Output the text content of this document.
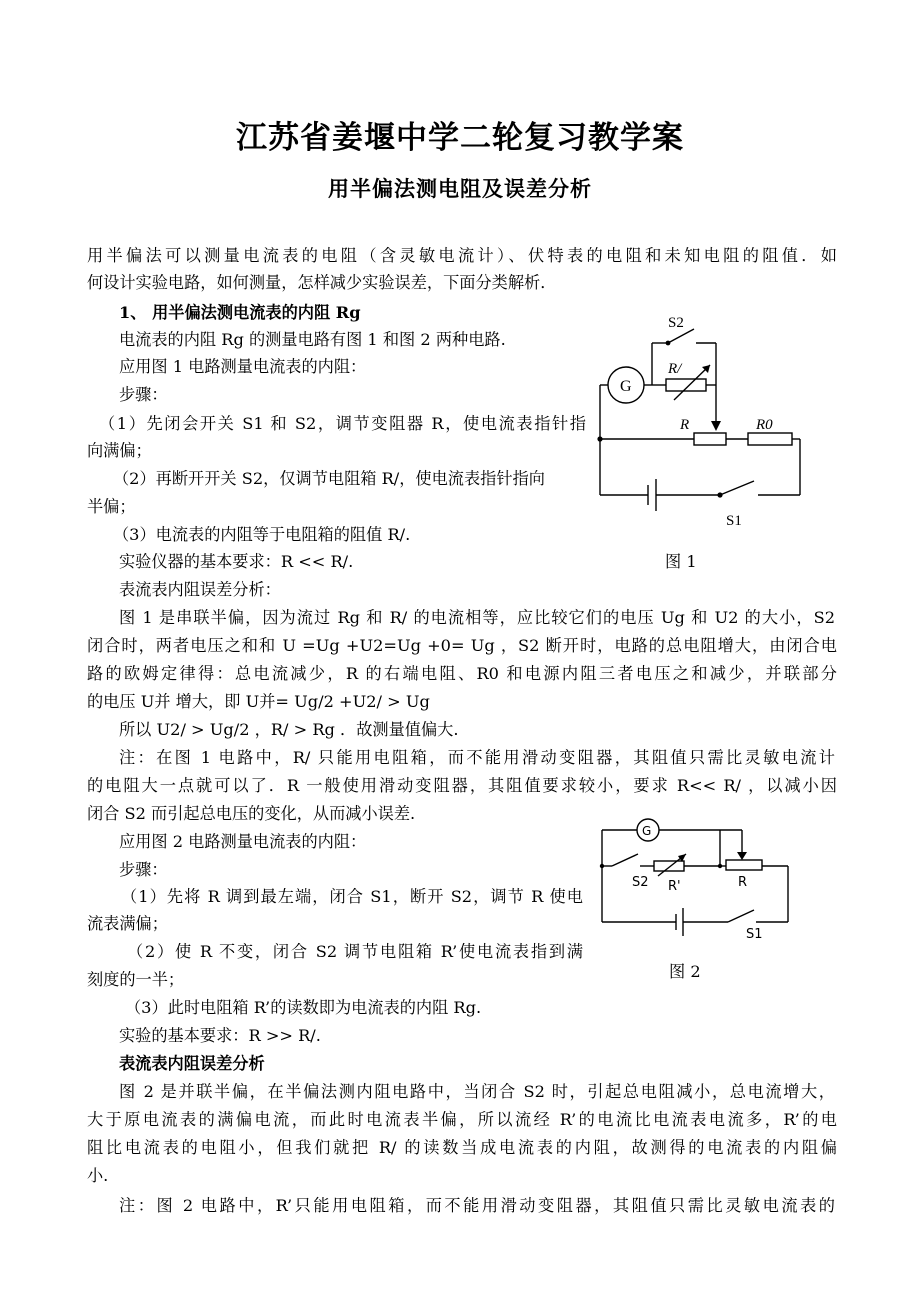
江苏省姜堰中学二轮复习教学案
用半偏法测电阻及误差分析
用半偏法可以测量电流表的电阻（含灵敏电流计）、伏特表的电阻和未知电阻的阻值．如
何设计实验电路，如何测量，怎样减少实验误差，下面分类解析．
1、 用半偏法测电流表的内阻 Rg
电流表的内阻 Rg 的测量电路有图 1 和图 2 两种电路.
应用图 1 电路测量电流表的内阻：
步骤：
（1）先闭会开关 S1 和 S2，调节变阻器 R，使电流表指针指
向满偏；
（2）再断开开关 S2，仅调节电阻箱 R/，使电流表指针指向
半偏；
（3）电流表的内阻等于电阻箱的阻值 R/.
实验仪器的基本要求：R << R/.
表流表内阻误差分析：
图 1 是串联半偏，因为流过 Rg 和 R/ 的电流相等，应比较它们的电压 Ug 和 U2 的大小，S2
闭合时，两者电压之和和 U =Ug +U2=Ug +0= Ug ，S2 断开时，电路的总电阻增大，由闭合电
路的欧姆定律得：总电流减少，R 的右端电阻、R0 和电源内阻三者电压之和减少，并联部分
的电压 U并 增大，即 U并= Ug/2 +U2/ > Ug
所以 U2/ > Ug/2 ，R/ > Rg ．故测量值偏大.
注：在图 1 电路中，R/ 只能用电阻箱，而不能用滑动变阻器，其阻值只需比灵敏电流计
的电阻大一点就可以了．R 一般使用滑动变阻器，其阻值要求较小，要求 R<< R/ ，以减小因
闭合 S2 而引起总电压的变化，从而减小误差.
应用图 2 电路测量电流表的内阻：
步骤：
（1）先将 R 调到最左端，闭合 S1，断开 S2，调节 R 使电
流表满偏；
（2）使 R 不变，闭合 S2 调节电阻箱 R’使电流表指到满
刻度的一半；
（3）此时电阻箱 R’的读数即为电流表的内阻 Rg.
实验的基本要求：R >> R/.
表流表内阻误差分析
图 2 是并联半偏，在半偏法测内阻电路中，当闭合 S2 时，引起总电阻减小，总电流增大，
大于原电流表的满偏电流，而此时电流表半偏，所以流经 R’的电流比电流表电流多，R’的电
阻比电流表的电阻小，但我们就把 R/ 的读数当成电流表的内阻，故测得的电流表的内阻偏
小.
注：图 2 电路中，R’只能用电阻箱，而不能用滑动变阻器，其阻值只需比灵敏电流表的
G
S2
R/
R	R0
S1
图 1
G
S2 R'	R
S1
图 2
